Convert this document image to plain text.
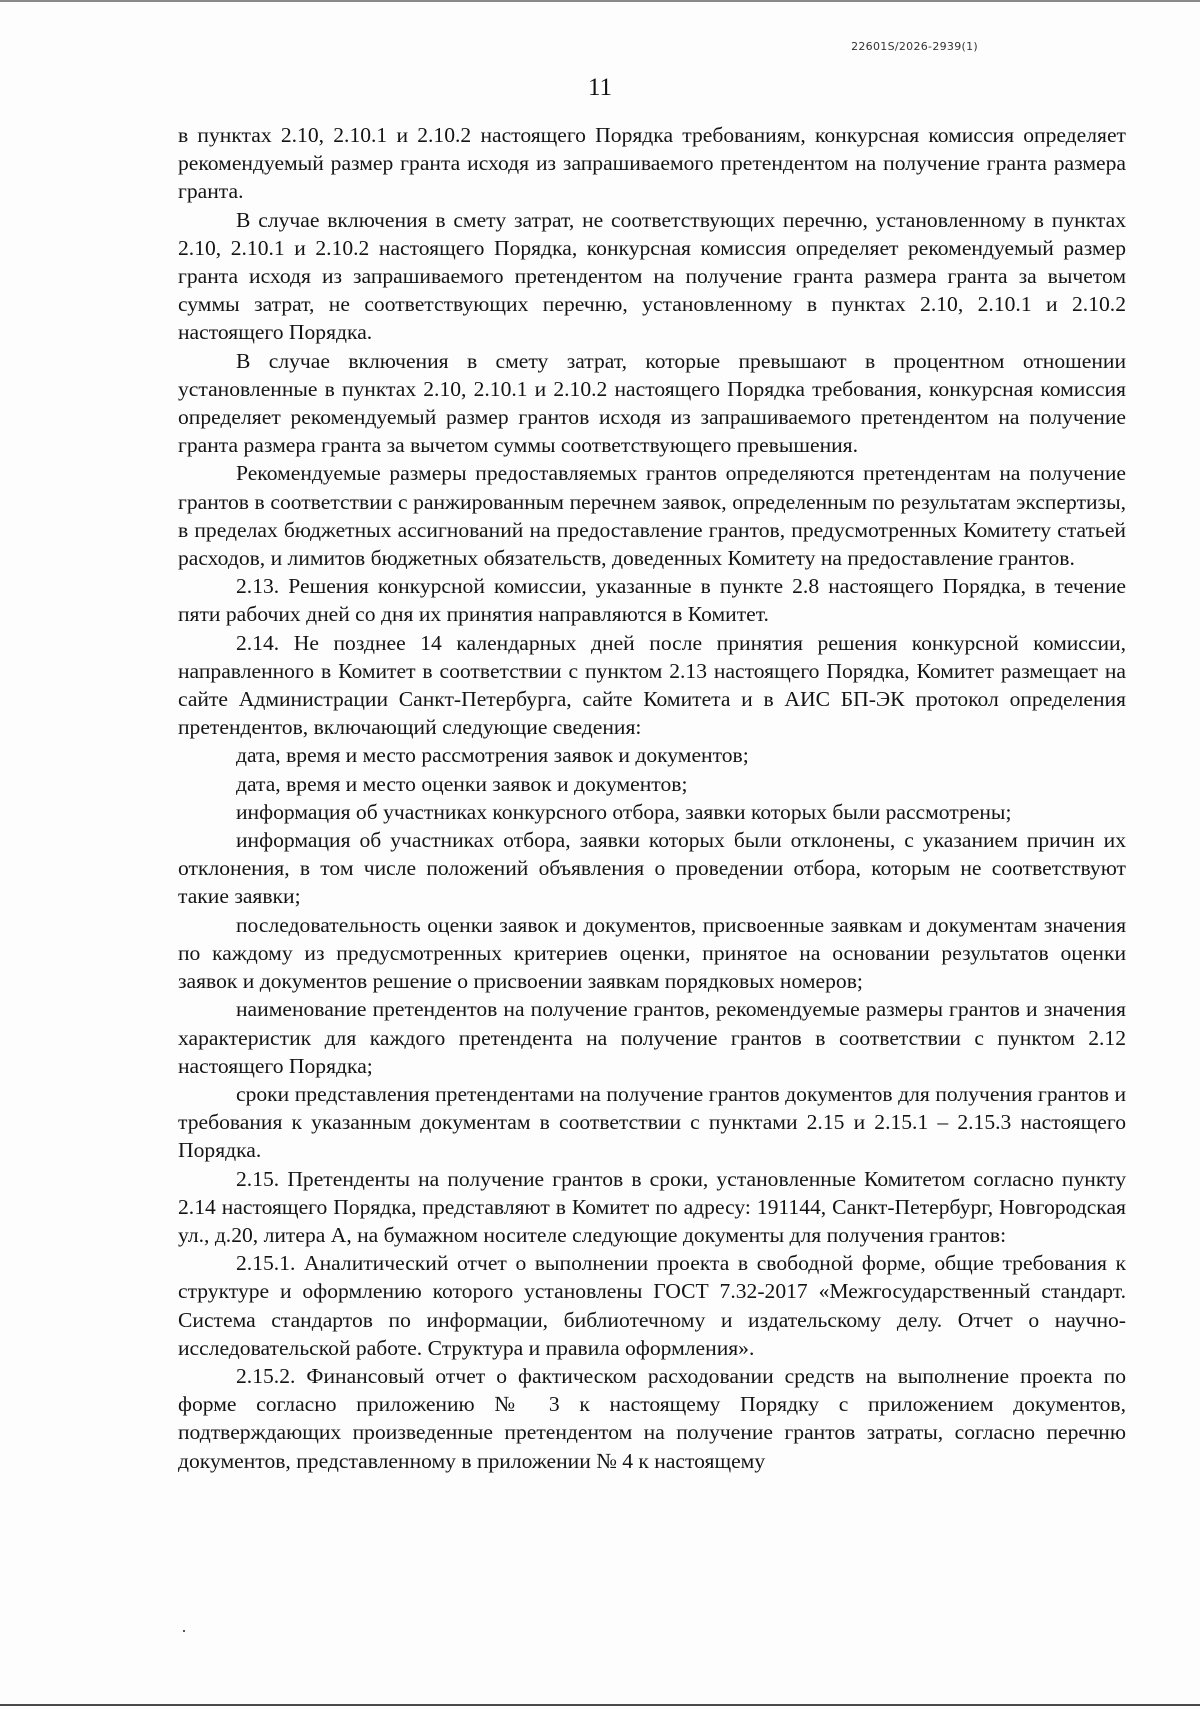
22601S/2026-2939(1)
11

в пунктах 2.10, 2.10.1 и 2.10.2 настоящего Порядка требованиям, конкурсная комиссия определяет рекомендуемый размер гранта исходя из запрашиваемого претендентом на получение гранта размера гранта.

В случае включения в смету затрат, не соответствующих перечню, установленному в пунктах 2.10, 2.10.1 и 2.10.2 настоящего Порядка, конкурсная комиссия определяет рекомендуемый размер гранта исходя из запрашиваемого претендентом на получение гранта размера гранта за вычетом суммы затрат, не соответствующих перечню, установленному в пунктах 2.10, 2.10.1 и 2.10.2 настоящего Порядка.

В случае включения в смету затрат, которые превышают в процентном отношении установленные в пунктах 2.10, 2.10.1 и 2.10.2 настоящего Порядка требования, конкурсная комиссия определяет рекомендуемый размер грантов исходя из запрашиваемого претендентом на получение гранта размера гранта за вычетом суммы соответствующего превышения.

Рекомендуемые размеры предоставляемых грантов определяются претендентам на получение грантов в соответствии с ранжированным перечнем заявок, определенным по результатам экспертизы, в пределах бюджетных ассигнований на предоставление грантов, предусмотренных Комитету статьей расходов, и лимитов бюджетных обязательств, доведенных Комитету на предоставление грантов.

2.13. Решения конкурсной комиссии, указанные в пункте 2.8 настоящего Порядка, в течение пяти рабочих дней со дня их принятия направляются в Комитет.

2.14. Не позднее 14 календарных дней после принятия решения конкурсной комиссии, направленного в Комитет в соответствии с пунктом 2.13 настоящего Порядка, Комитет размещает на сайте Администрации Санкт-Петербурга, сайте Комитета и в АИС БП-ЭК протокол определения претендентов, включающий следующие сведения:

дата, время и место рассмотрения заявок и документов;

дата, время и место оценки заявок и документов;

информация об участниках конкурсного отбора, заявки которых были рассмотрены;

информация об участниках отбора, заявки которых были отклонены, с указанием причин их отклонения, в том числе положений объявления о проведении отбора, которым не соответствуют такие заявки;

последовательность оценки заявок и документов, присвоенные заявкам и документам значения по каждому из предусмотренных критериев оценки, принятое на основании результатов оценки заявок и документов решение о присвоении заявкам порядковых номеров;

наименование претендентов на получение грантов, рекомендуемые размеры грантов и значения характеристик для каждого претендента на получение грантов в соответствии с пунктом 2.12 настоящего Порядка;

сроки представления претендентами на получение грантов документов для получения грантов и требования к указанным документам в соответствии с пунктами 2.15 и 2.15.1 – 2.15.3 настоящего Порядка.

2.15. Претенденты на получение грантов в сроки, установленные Комитетом согласно пункту 2.14 настоящего Порядка, представляют в Комитет по адресу: 191144, Санкт-Петербург, Новгородская ул., д.20, литера А, на бумажном носителе следующие документы для получения грантов:

2.15.1. Аналитический отчет о выполнении проекта в свободной форме, общие требования к структуре и оформлению которого установлены ГОСТ 7.32-2017 «Межгосударственный стандарт. Система стандартов по информации, библиотечному и издательскому делу. Отчет о научно-исследовательской работе. Структура и правила оформления».

2.15.2. Финансовый отчет о фактическом расходовании средств на выполнение проекта по форме согласно приложению № 3 к настоящему Порядку с приложением документов, подтверждающих произведенные претендентом на получение грантов затраты, согласно перечню документов, представленному в приложении № 4 к настоящему
